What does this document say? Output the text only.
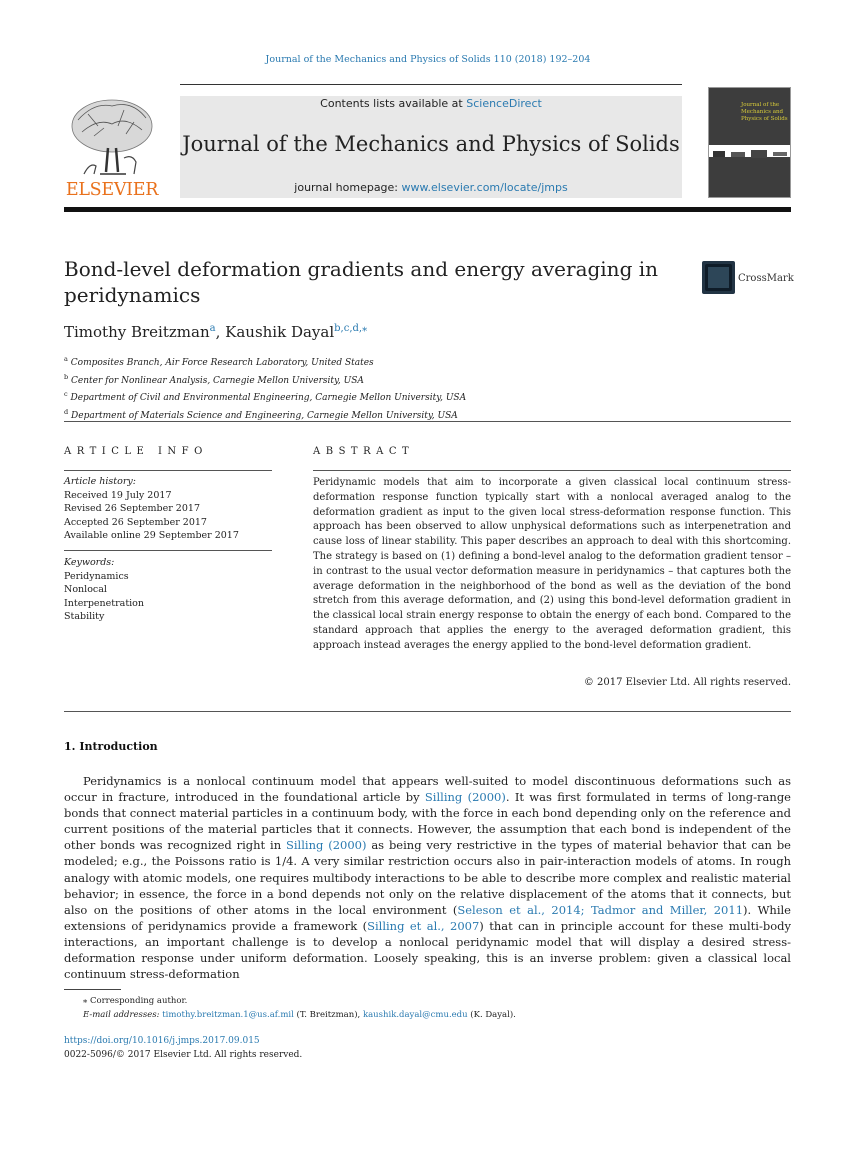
Journal of the Mechanics and Physics of Solids 110 (2018) 192–204
ELSEVIER
Contents lists available at ScienceDirect
Journal of the Mechanics and Physics of Solids
journal homepage: www.elsevier.com/locate/jmps
Journal of the Mechanics and Physics of Solids
Bond-level deformation gradients and energy averaging in peridynamics
CrossMark
Timothy Breitzman$^a$, Kaushik Dayal$^{b,c,d,⁎}$
$^a$ Composites Branch, Air Force Research Laboratory, United States
$^b$ Center for Nonlinear Analysis, Carnegie Mellon University, USA
$^c$ Department of Civil and Environmental Engineering, Carnegie Mellon University, USA
$^d$ Department of Materials Science and Engineering, Carnegie Mellon University, USA
ARTICLE INFO	ABSTRACT
Article history:
Received 19 July 2017
Revised 26 September 2017
Accepted 26 September 2017
Available online 29 September 2017
Keywords:
Peridynamics
Nonlocal
Interpenetration
Stability
Peridynamic models that aim to incorporate a given classical local continuum stress-deformation response function typically start with a nonlocal averaged analog to the deformation gradient as input to the given local stress-deformation response function. This approach has been observed to allow unphysical deformations such as interpenetration and cause loss of linear stability. This paper describes an approach to deal with this shortcoming. The strategy is based on (1) defining a bond-level analog to the deformation gradient tensor – in contrast to the usual vector deformation measure in peridynamics – that captures both the average deformation in the neighborhood of the bond as well as the deviation of the bond stretch from this average deformation, and (2) using this bond-level deformation gradient in the classical local strain energy response to obtain the energy of each bond. Compared to the standard approach that applies the energy to the averaged deformation gradient, this approach instead averages the energy applied to the bond-level deformation gradient.
© 2017 Elsevier Ltd. All rights reserved.
1. Introduction
Peridynamics is a nonlocal continuum model that appears well-suited to model discontinuous deformations such as occur in fracture, introduced in the foundational article by Silling (2000). It was first formulated in terms of long-range bonds that connect material particles in a continuum body, with the force in each bond depending only on the reference and current positions of the material particles that it connects. However, the assumption that each bond is independent of the other bonds was recognized right in Silling (2000) as being very restrictive in the types of material behavior that can be modeled; e.g., the Poissons ratio is 1/4. A very similar restriction occurs also in pair-interaction models of atoms. In rough analogy with atomic models, one requires multibody interactions to be able to describe more complex and realistic material behavior; in essence, the force in a bond depends not only on the relative displacement of the atoms that it connects, but also on the positions of other atoms in the local environment (Seleson et al., 2014; Tadmor and Miller, 2011). While extensions of peridynamics provide a framework (Silling et al., 2007) that can in principle account for these multi-body interactions, an important challenge is to develop a nonlocal peridynamic model that will display a desired stress-deformation response under uniform deformation. Loosely speaking, this is an inverse problem: given a classical local continuum stress-deformation
⁎ Corresponding author.
E-mail addresses: timothy.breitzman.1@us.af.mil (T. Breitzman), kaushik.dayal@cmu.edu (K. Dayal).
https://doi.org/10.1016/j.jmps.2017.09.015
0022-5096/© 2017 Elsevier Ltd. All rights reserved.
